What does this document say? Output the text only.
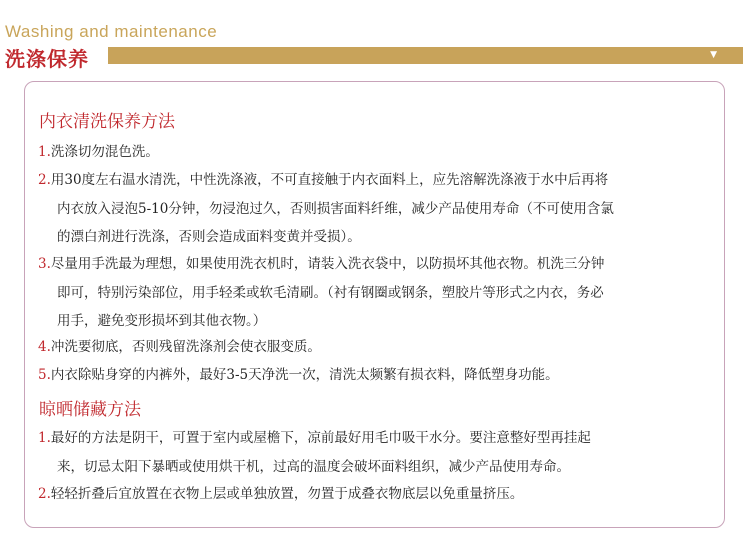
Washing and maintenance
洗涤保养	▼
内衣清洗保养方法
1.洗涤切勿混色洗。
2.用30度左右温水清洗，中性洗涤液，不可直接触于内衣面料上，应先溶解洗涤液于水中后再将
内衣放入浸泡5-10分钟，勿浸泡过久，否则损害面料纤维，减少产品使用寿命（不可使用含氯
的漂白剂进行洗涤，否则会造成面料变黄并受损）。
3.尽量用手洗最为理想，如果使用洗衣机时，请装入洗衣袋中，以防损坏其他衣物。机洗三分钟
即可，特别污染部位，用手轻柔或软毛清刷。（衬有钢圈或钢条，塑胶片等形式之内衣，务必
用手，避免变形损坏到其他衣物。）
4.冲洗要彻底，否则残留洗涤剂会使衣服变质。
5.内衣除贴身穿的内裤外，最好3-5天净洗一次，清洗太频繁有损衣料，降低塑身功能。
晾晒储藏方法
1.最好的方法是阴干，可置于室内或屋檐下，凉前最好用毛巾吸干水分。要注意整好型再挂起
来，切忌太阳下暴晒或使用烘干机，过高的温度会破坏面料组织，减少产品使用寿命。
2.轻轻折叠后宜放置在衣物上层或单独放置，勿置于成叠衣物底层以免重量挤压。
